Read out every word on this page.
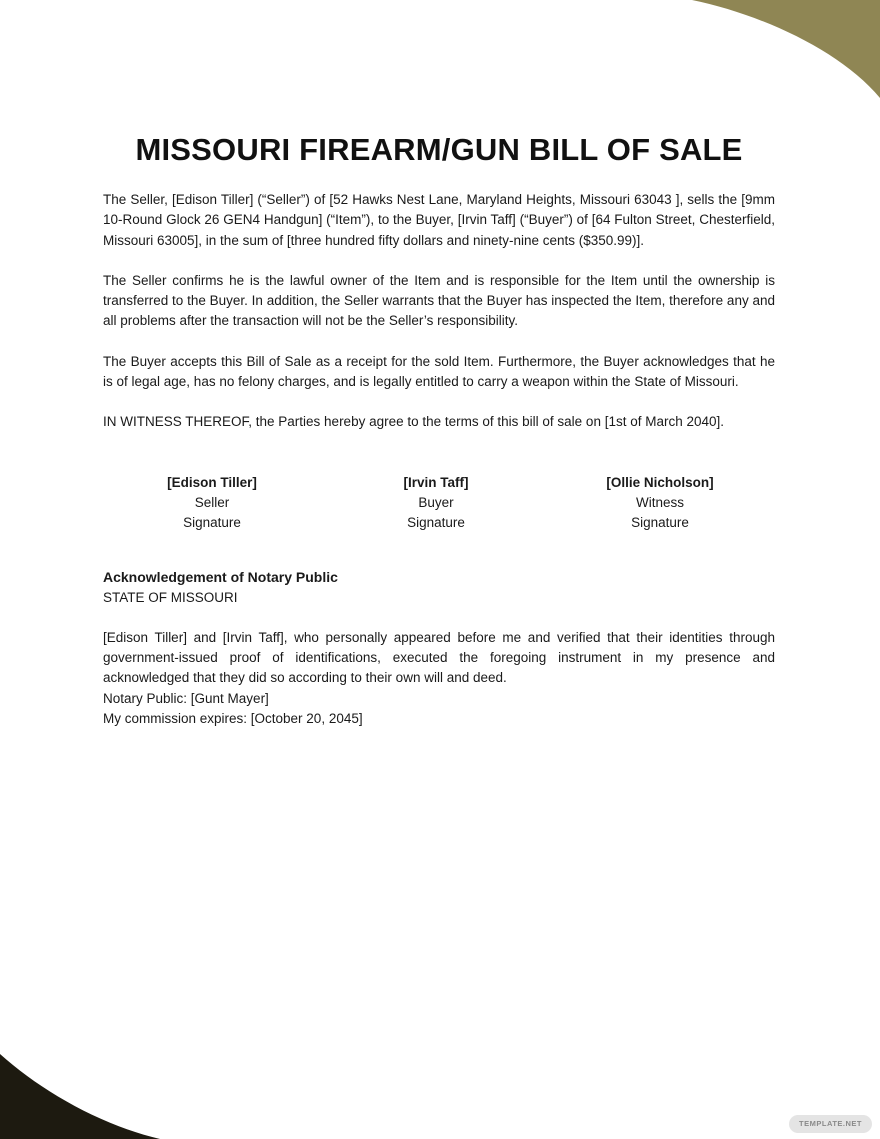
MISSOURI FIREARM/GUN BILL OF SALE

The Seller, [Edison Tiller] (“Seller”) of [52 Hawks Nest Lane, Maryland Heights, Missouri 63043 ], sells the [9mm 10-Round Glock 26 GEN4 Handgun] (“Item”), to the Buyer, [Irvin Taff] (“Buyer”) of [64 Fulton Street, Chesterfield, Missouri 63005], in the sum of [three hundred fifty dollars and ninety-nine cents ($350.99)].

The Seller confirms he is the lawful owner of the Item and is responsible for the Item until the ownership is transferred to the Buyer. In addition, the Seller warrants that the Buyer has inspected the Item, therefore any and all problems after the transaction will not be the Seller’s responsibility.

The Buyer accepts this Bill of Sale as a receipt for the sold Item. Furthermore, the Buyer acknowledges that he is of legal age, has no felony charges, and is legally entitled to carry a weapon within the State of Missouri.

IN WITNESS THEREOF, the Parties hereby agree to the terms of this bill of sale on [1st of March 2040].

[Edison Tiller]
Seller
Signature
[Irvin Taff]
Buyer
Signature
[Ollie Nicholson]
Witness
Signature
Acknowledgement of Notary Public

STATE OF MISSOURI

[Edison Tiller] and [Irvin Taff], who personally appeared before me and verified that their identities through government-issued proof of identifications, executed the foregoing instrument in my presence and acknowledged that they did so according to their own will and deed.

Notary Public: [Gunt Mayer]

My commission expires: [October 20, 2045]

TEMPLATE.NET
